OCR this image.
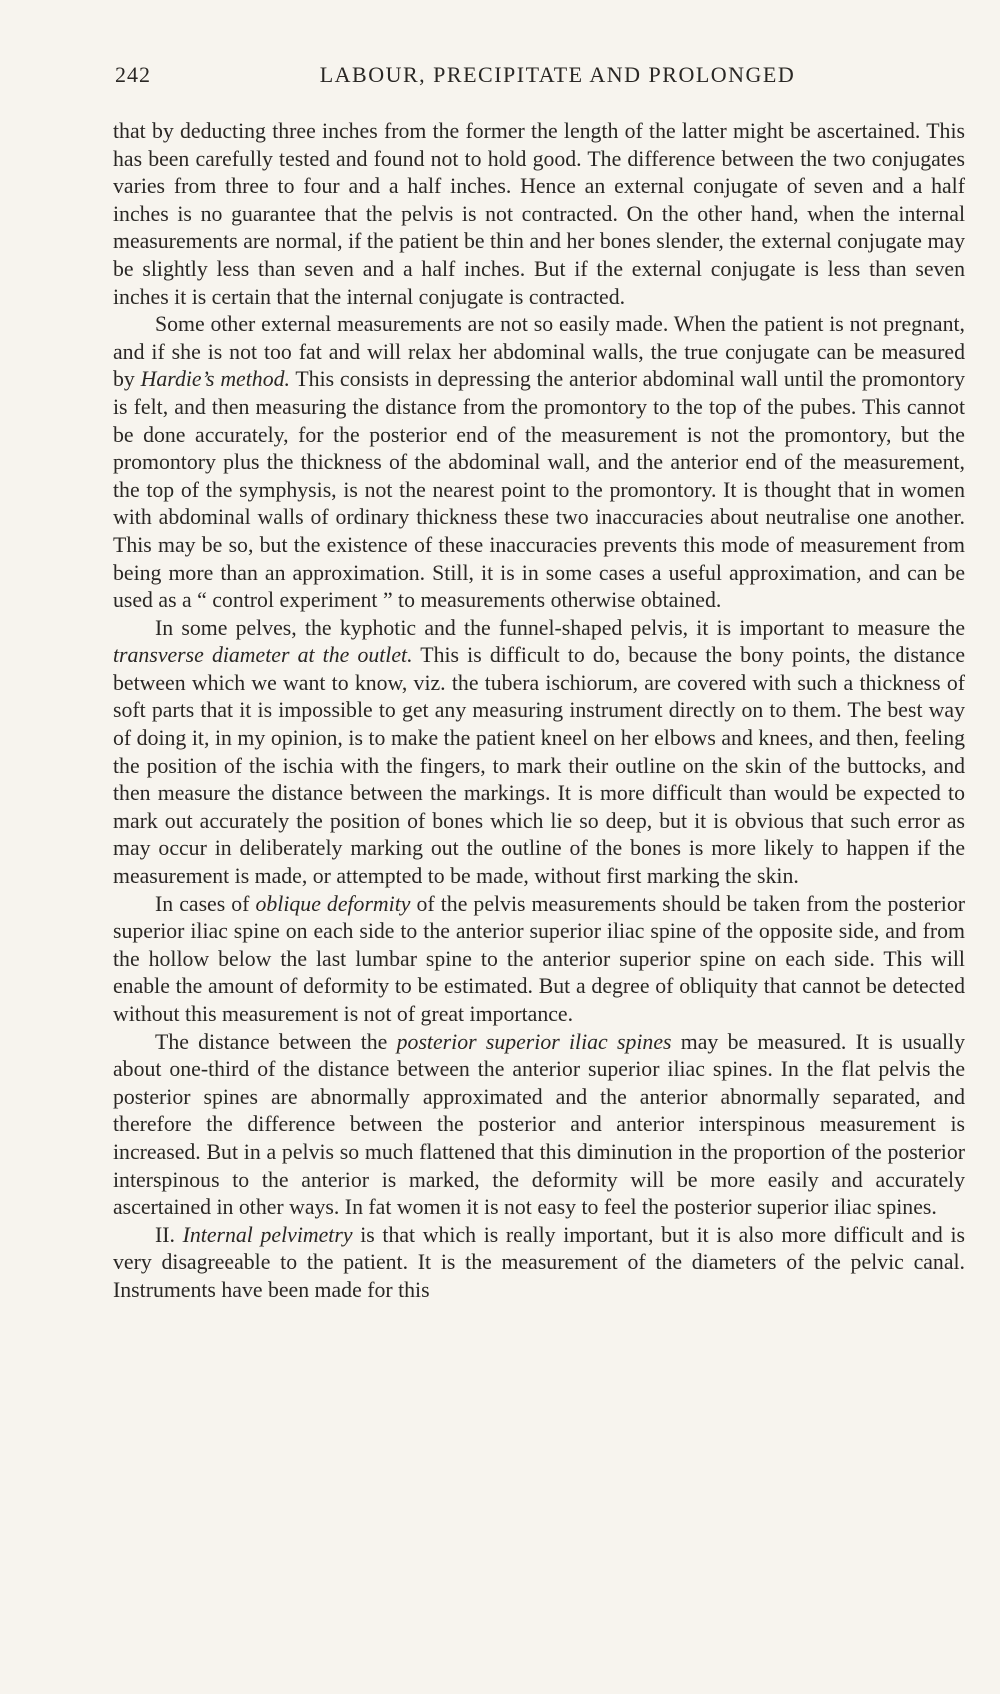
242	LABOUR, PRECIPITATE AND PROLONGED

that by deducting three inches from the former the length of the latter might be ascertained. This has been carefully tested and found not to hold good. The difference between the two conjugates varies from three to four and a half inches. Hence an external conjugate of seven and a half inches is no guarantee that the pelvis is not contracted. On the other hand, when the internal measurements are normal, if the patient be thin and her bones slender, the external conjugate may be slightly less than seven and a half inches. But if the external conjugate is less than seven inches it is certain that the internal conjugate is contracted.

Some other external measurements are not so easily made. When the patient is not pregnant, and if she is not too fat and will relax her abdominal walls, the true conjugate can be measured by Hardie’s method. This consists in depressing the anterior abdominal wall until the promontory is felt, and then measuring the distance from the promontory to the top of the pubes. This cannot be done accurately, for the posterior end of the measurement is not the promontory, but the promontory plus the thickness of the abdominal wall, and the anterior end of the measurement, the top of the symphysis, is not the nearest point to the promontory. It is thought that in women with abdominal walls of ordinary thickness these two inaccuracies about neutralise one another. This may be so, but the existence of these inaccuracies prevents this mode of measurement from being more than an approximation. Still, it is in some cases a useful approximation, and can be used as a “ control experiment ” to measurements otherwise obtained.

In some pelves, the kyphotic and the funnel-shaped pelvis, it is important to measure the transverse diameter at the outlet. This is difficult to do, because the bony points, the distance between which we want to know, viz. the tubera ischiorum, are covered with such a thickness of soft parts that it is impossible to get any measuring instrument directly on to them. The best way of doing it, in my opinion, is to make the patient kneel on her elbows and knees, and then, feeling the position of the ischia with the fingers, to mark their outline on the skin of the buttocks, and then measure the distance between the markings. It is more difficult than would be expected to mark out accurately the position of bones which lie so deep, but it is obvious that such error as may occur in deliberately marking out the outline of the bones is more likely to happen if the measurement is made, or attempted to be made, without first marking the skin.

In cases of oblique deformity of the pelvis measurements should be taken from the posterior superior iliac spine on each side to the anterior superior iliac spine of the opposite side, and from the hollow below the last lumbar spine to the anterior superior spine on each side. This will enable the amount of deformity to be estimated. But a degree of obliquity that cannot be detected without this measurement is not of great importance.

The distance between the posterior superior iliac spines may be measured. It is usually about one-third of the distance between the anterior superior iliac spines. In the flat pelvis the posterior spines are abnormally approximated and the anterior abnormally separated, and therefore the difference between the posterior and anterior interspinous measurement is increased. But in a pelvis so much flattened that this diminution in the proportion of the posterior interspinous to the anterior is marked, the deformity will be more easily and accurately ascertained in other ways. In fat women it is not easy to feel the posterior superior iliac spines.

II. Internal pelvimetry is that which is really important, but it is also more difficult and is very disagreeable to the patient. It is the measurement of the diameters of the pelvic canal. Instruments have been made for this
